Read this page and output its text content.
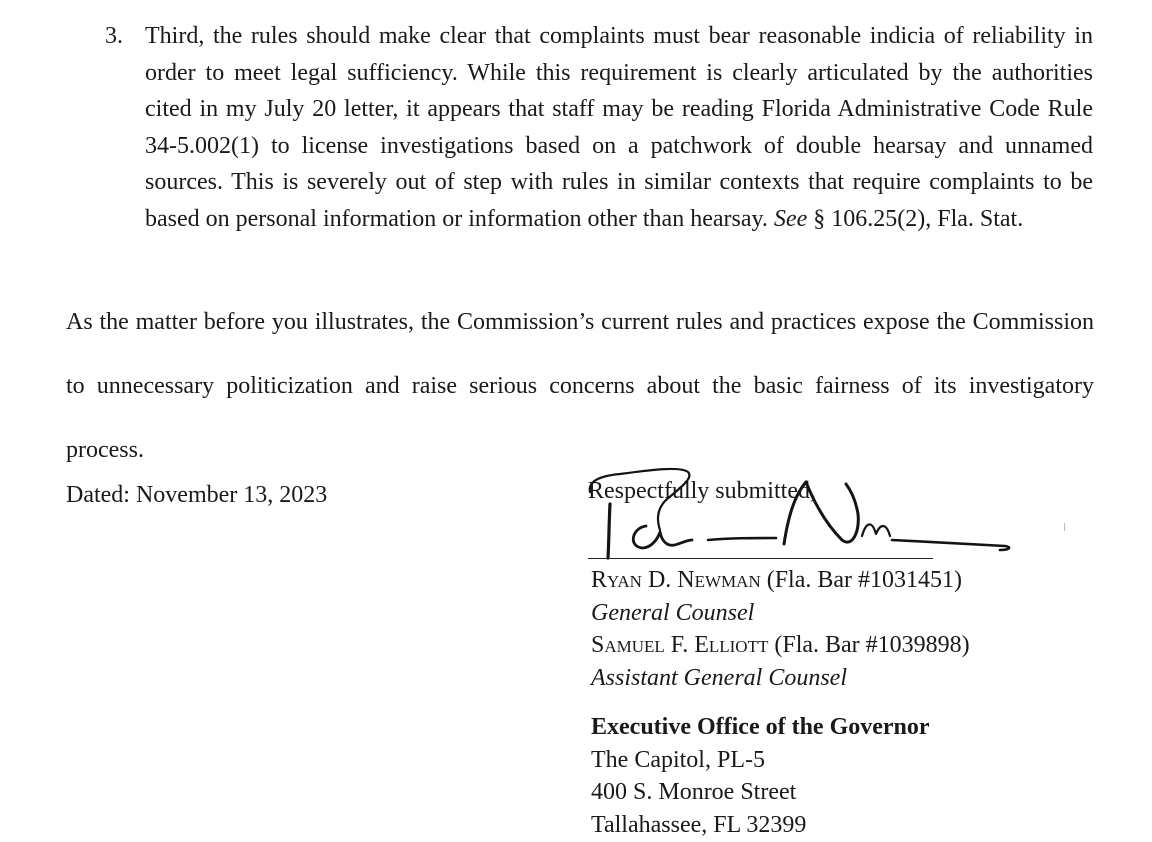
3. Third, the rules should make clear that complaints must bear reasonable indicia of reliability in order to meet legal sufficiency. While this requirement is clearly articulated by the authorities cited in my July 20 letter, it appears that staff may be reading Florida Administrative Code Rule 34-5.002(1) to license investigations based on a patchwork of double hearsay and unnamed sources. This is severely out of step with rules in similar contexts that require complaints to be based on personal information or information other than hearsay. See § 106.25(2), Fla. Stat.
As the matter before you illustrates, the Commission’s current rules and practices expose the Commission to unnecessary politicization and raise serious concerns about the basic fairness of its investigatory process.
Dated: November 13, 2023	Respectfully submitted,
Ryan D. Newman (Fla. Bar #1031451)
General Counsel
Samuel F. Elliott (Fla. Bar #1039898)
Assistant General Counsel
Executive Office of the Governor
The Capitol, PL-5
400 S. Monroe Street
Tallahassee, FL 32399
